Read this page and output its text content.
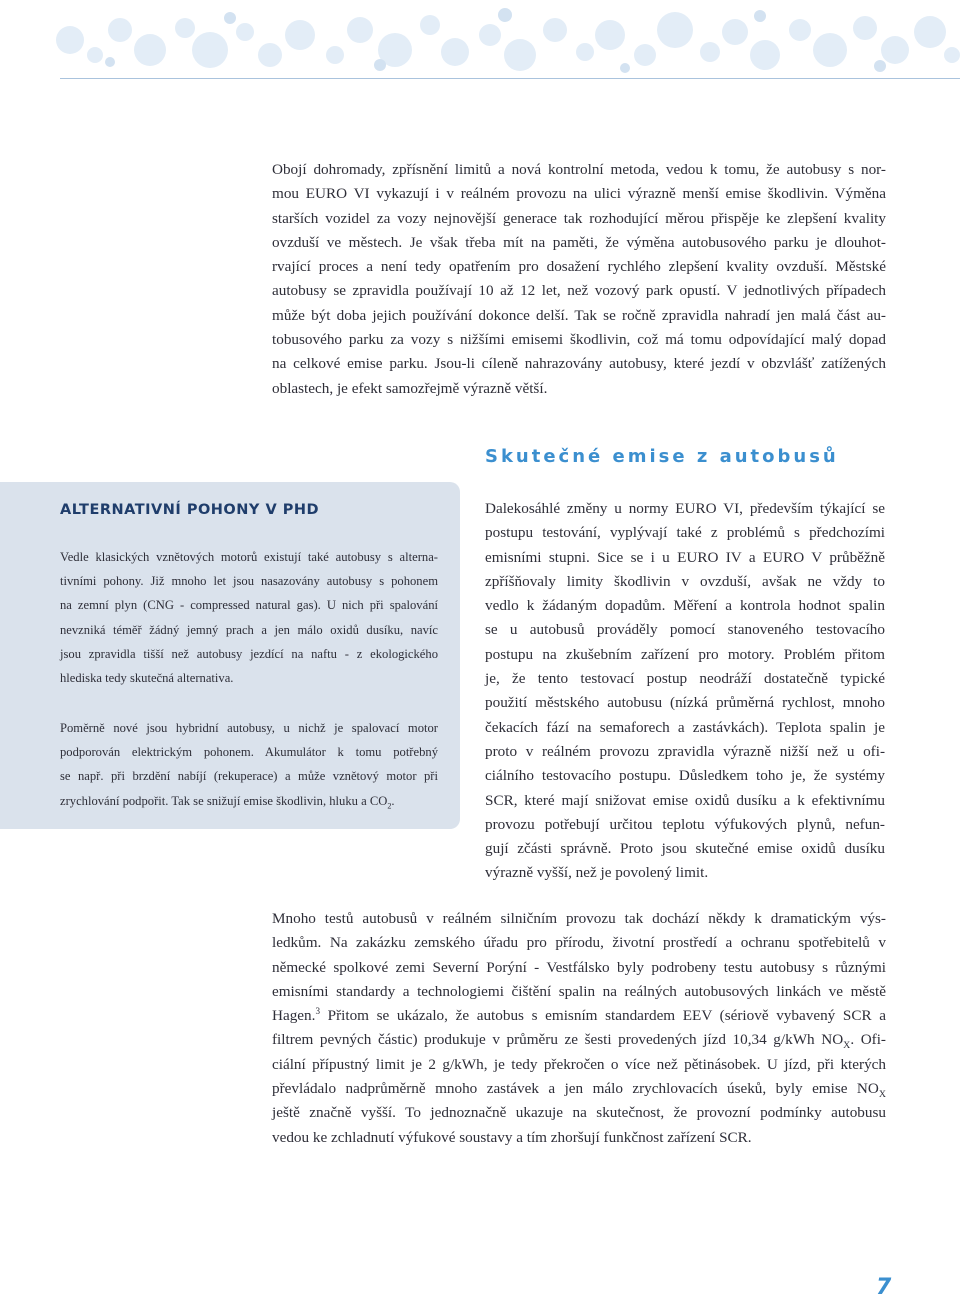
Obojí dohromady, zpřísnění limitů a nová kontrolní metoda, vedou k tomu, že autobusy s nor-
mou EURO VI vykazují i v reálném provozu na ulici výrazně menší emise škodlivin. Výměna
starších vozidel za vozy nejnovější generace tak rozhodující měrou přispěje ke zlepšení kvality
ovzduší ve městech. Je však třeba mít na paměti, že výměna autobusového parku je dlouhot-
rvající proces a není tedy opatřením pro dosažení rychlého zlepšení kvality ovzduší. Městské
autobusy se zpravidla používají 10 až 12 let, než vozový park opustí. V jednotlivých případech
může být doba jejich používání dokonce delší. Tak se ročně zpravidla nahradí jen malá část au-
tobusového parku za vozy s nižšími emisemi škodlivin, což má tomu odpovídající malý dopad
na celkové emise parku. Jsou-li cíleně nahrazovány autobusy, které jezdí v obzvlášť zatížených
oblastech, je efekt samozřejmě výrazně větší.
Skutečné emise z autobusů
ALTERNATIVNÍ POHONY V PHD
Vedle klasických vznětových motorů existují také autobusy s alterna-
tivními pohony. Již mnoho let jsou nasazovány autobusy s pohonem
na zemní plyn (CNG - compressed natural gas). U nich při spalování
nevzniká téměř žádný jemný prach a jen málo oxidů dusíku, navíc
jsou zpravidla tišší než autobusy jezdící na naftu - z ekologického
hlediska tedy skutečná alternativa.
Poměrně nové jsou hybridní autobusy, u nichž je spalovací motor
podporován elektrickým pohonem. Akumulátor k tomu potřebný
se např. při brzdění nabíjí (rekuperace) a může vznětový motor při
zrychlování podpořit. Tak se snižují emise škodlivin, hluku a $CO_2$.
Dalekosáhlé změny u normy EURO VI, především týkající se
postupu testování, vyplývají také z problémů s předchozími
emisními stupni. Sice se i u EURO IV a EURO V průběžně
zpříšňovaly limity škodlivin v ovzduší, avšak ne vždy to
vedlo k žádaným dopadům. Měření a kontrola hodnot spalin
se u autobusů prováděly pomocí stanoveného testovacího
postupu na zkušebním zařízení pro motory. Problém přitom
je, že tento testovací postup neodráží dostatečně typické
použití městského autobusu (nízká průměrná rychlost, mnoho
čekacích fází na semaforech a zastávkách). Teplota spalin je
proto v reálném provozu zpravidla výrazně nižší než u ofi-
ciálního testovacího postupu. Důsledkem toho je, že systémy
SCR, které mají snižovat emise oxidů dusíku a k efektivnímu
provozu potřebují určitou teplotu výfukových plynů, nefun-
gují zčásti správně. Proto jsou skutečné emise oxidů dusíku
výrazně vyšší, než je povolený limit.
Mnoho testů autobusů v reálném silničním provozu tak dochází někdy k dramatickým výs-
ledkům. Na zakázku zemského úřadu pro přírodu, životní prostředí a ochranu spotřebitelů v
německé spolkové zemi Severní Porýní - Vestfálsko byly podrobeny testu autobusy s různými
emisními standardy a technologiemi čištění spalin na reálných autobusových linkách ve městě
Hagen.$^3$ Přitom se ukázalo, že autobus s emisním standardem EEV (sériově vybavený SCR a
filtrem pevných částic) produkuje v průměru ze šesti provedených jízd 10,34 g/kWh $NO_X$. Ofi-
ciální přípustný limit je 2 g/kWh, je tedy překročen o více než pětinásobek. U jízd, při kterých
převládalo nadprůměrně mnoho zastávek a jen málo zrychlovacích úseků, byly emise $NO_X$
ještě značně vyšší. To jednoznačně ukazuje na skutečnost, že provozní podmínky autobusu
vedou ke zchladnutí výfukové soustavy a tím zhoršují funkčnost zařízení SCR.

7
